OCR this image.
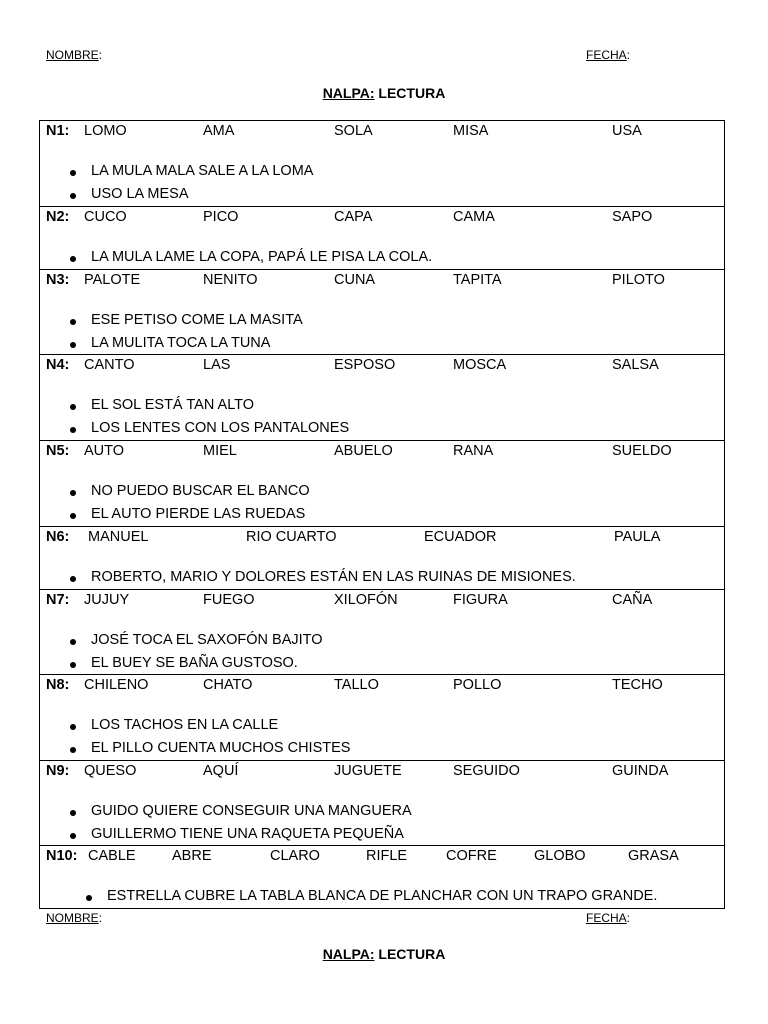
NOMBRE:	FECHA:
NALPA: LECTURA
N1: LOMO	AMA	SOLA	MISA	USA
LA MULA MALA SALE A LA LOMA
USO LA MESA
N2: CUCO	PICO	CAPA	CAMA	SAPO
LA MULA LAME LA COPA, PAPÁ LE PISA LA COLA.
N3: PALOTE	NENITO	CUNA	TAPITA	PILOTO
ESE PETISO COME LA MASITA
LA MULITA TOCA LA TUNA
N4: CANTO	LAS	ESPOSO	MOSCA	SALSA
EL SOL ESTÁ TAN ALTO
LOS LENTES CON LOS PANTALONES
N5: AUTO	MIEL	ABUELO	RANA	SUELDO
NO PUEDO BUSCAR EL BANCO
EL AUTO PIERDE LAS RUEDAS
N6: MANUEL	RIO CUARTO	ECUADOR	PAULA
ROBERTO, MARIO Y DOLORES ESTÁN EN LAS RUINAS DE MISIONES.
N7: JUJUY	FUEGO	XILOFÓN	FIGURA	CAÑA
JOSÉ TOCA EL SAXOFÓN BAJITO
EL BUEY SE BAÑA GUSTOSO.
N8: CHILENO	CHATO	TALLO	POLLO	TECHO
LOS TACHOS EN LA CALLE
EL PILLO CUENTA MUCHOS CHISTES
N9: QUESO	AQUÍ	JUGUETE	SEGUIDO	GUINDA
GUIDO QUIERE CONSEGUIR UNA MANGUERA
GUILLERMO TIENE UNA RAQUETA PEQUEÑA
N10: CABLE	ABRE	CLARO	RIFLE	COFRE	GLOBO	GRASA
ESTRELLA CUBRE LA TABLA BLANCA DE PLANCHAR CON UN TRAPO GRANDE.
NOMBRE:	FECHA:
NALPA: LECTURA
